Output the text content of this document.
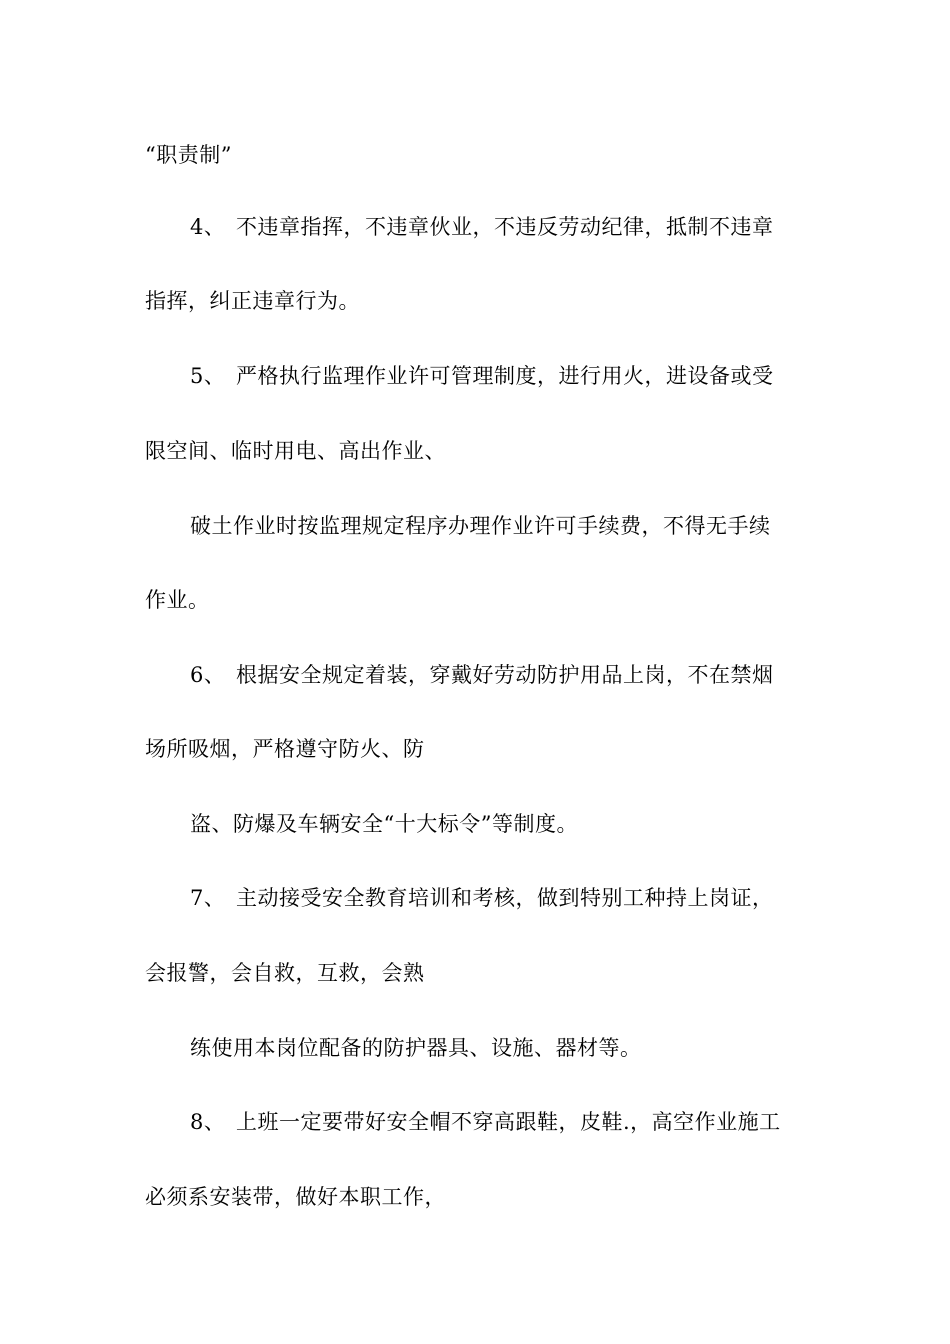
“职责制”
4、 不违章指挥，不违章伙业，不违反劳动纪律，抵制不违章
指挥，纠正违章行为。
5、 严格执行监理作业许可管理制度，进行用火，进设备或受
限空间、临时用电、高出作业、
破土作业时按监理规定程序办理作业许可手续费，不得无手续
作业。
6、 根据安全规定着装，穿戴好劳动防护用品上岗，不在禁烟
场所吸烟，严格遵守防火、防
盗、防爆及车辆安全“十大标令”等制度。
7、 主动接受安全教育培训和考核，做到特别工种持上岗证，
会报警，会自救，互救，会熟
练使用本岗位配备的防护器具、设施、器材等。
8、 上班一定要带好安全帽不穿高跟鞋，皮鞋.，高空作业施工
必须系安装带，做好本职工作，
